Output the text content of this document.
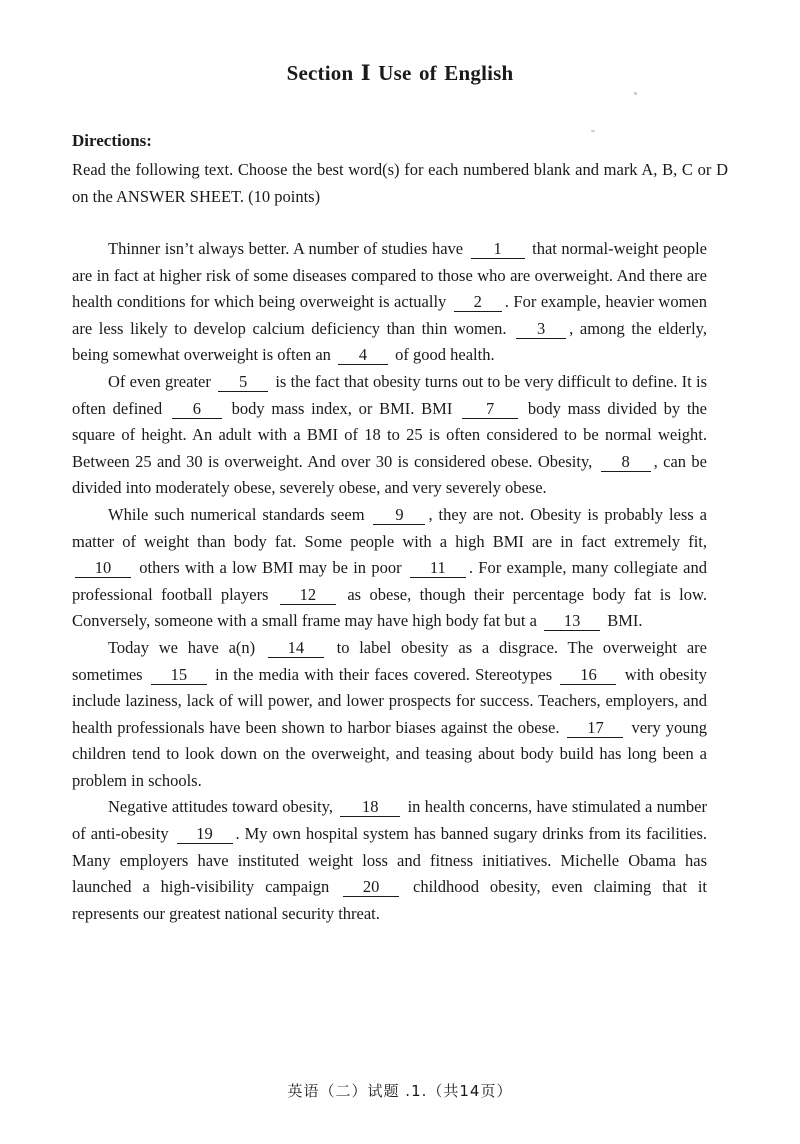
Section Ⅰ Use of English
Directions:
Read the following text. Choose the best word(s) for each numbered blank and mark A, B, C or D on the ANSWER SHEET. (10 points)

Thinner isn’t always better. A number of studies have 1 that normal-weight people are in fact at higher risk of some diseases compared to those who are overweight. And there are health conditions for which being overweight is actually 2 . For example, heavier women are less likely to develop calcium deficiency than thin women. 3 , among the elderly, being somewhat overweight is often an 4 of good health.

Of even greater 5 is the fact that obesity turns out to be very difficult to define. It is often defined 6 body mass index, or BMI. BMI 7 body mass divided by the square of height. An adult with a BMI of 18 to 25 is often considered to be normal weight. Between 25 and 30 is overweight. And over 30 is considered obese. Obesity, 8 , can be divided into moderately obese, severely obese, and very severely obese.

While such numerical standards seem 9 , they are not. Obesity is probably less a matter of weight than body fat. Some people with a high BMI are in fact extremely fit, 10 others with a low BMI may be in poor 11 . For example, many collegiate and professional football players 12 as obese, though their percentage body fat is low. Conversely, someone with a small frame may have high body fat but a 13 BMI.

Today we have a(n) 14 to label obesity as a disgrace. The overweight are sometimes 15 in the media with their faces covered. Stereotypes 16 with obesity include laziness, lack of will power, and lower prospects for success. Teachers, employers, and health professionals have been shown to harbor biases against the obese. 17 very young children tend to look down on the overweight, and teasing about body build has long been a problem in schools.

Negative attitudes toward obesity, 18 in health concerns, have stimulated a number of anti-obesity 19 . My own hospital system has banned sugary drinks from its facilities. Many employers have instituted weight loss and fitness initiatives. Michelle Obama has launched a high-visibility campaign 20 childhood obesity, even claiming that it represents our greatest national security threat.

英语（二）试题 .1.（共14页）
